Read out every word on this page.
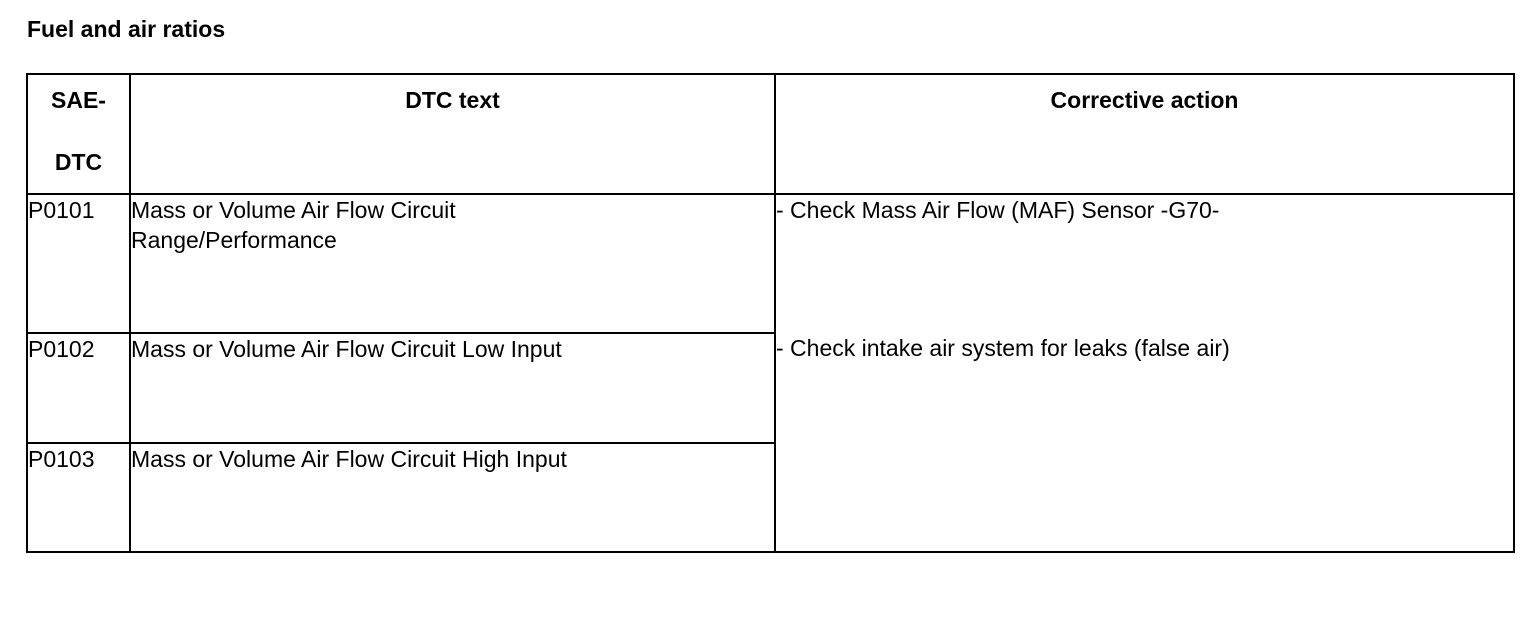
Fuel and air ratios
SAE-DTC	DTC text	Corrective action
P0101	Mass or Volume Air Flow Circuit Range/Performance	- Check Mass Air Flow (MAF) Sensor -G70-
- Check intake air system for leaks (false air)

P0102	Mass or Volume Air Flow Circuit Low Input	
P0103	Mass or Volume Air Flow Circuit High Input	
